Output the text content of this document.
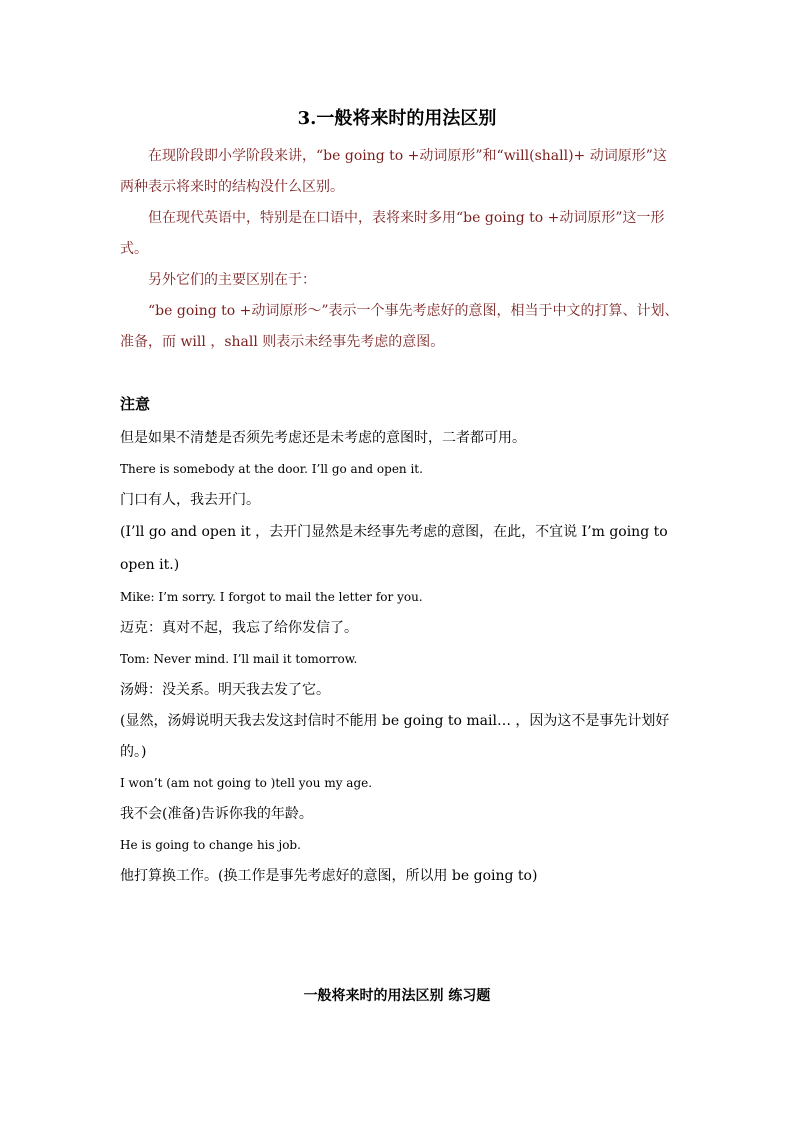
3.一般将来时的用法区别

在现阶段即小学阶段来讲，“be going to +动词原形”和“will(shall)+ 动词原形”这两种表示将来时的结构没什么区别。

但在现代英语中，特别是在口语中，表将来时多用“be going to +动词原形”这一形式。

另外它们的主要区别在于：

“be going to +动词原形～”表示一个事先考虑好的意图，相当于中文的打算、计划、准备，而 will ，shall 则表示未经事先考虑的意图。

注意

但是如果不清楚是否须先考虑还是未考虑的意图时，二者都可用。

There is somebody at the door. I’ll go and open it.

门口有人，我去开门。

(I’ll go and open it ，去开门显然是未经事先考虑的意图，在此，不宜说 I’m going to open it.)

Mike: I’m sorry. I forgot to mail the letter for you.

迈克：真对不起，我忘了给你发信了。

Tom: Never mind. I’ll mail it tomorrow.

汤姆：没关系。明天我去发了它。

(显然，汤姆说明天我去发这封信时不能用 be going to mail… ，因为这不是事先计划好的。)

I won’t (am not going to )tell you my age.

我不会(准备)告诉你我的年龄。

He is going to change his job.

他打算换工作。(换工作是事先考虑好的意图，所以用 be going to)

一般将来时的用法区别 练习题
